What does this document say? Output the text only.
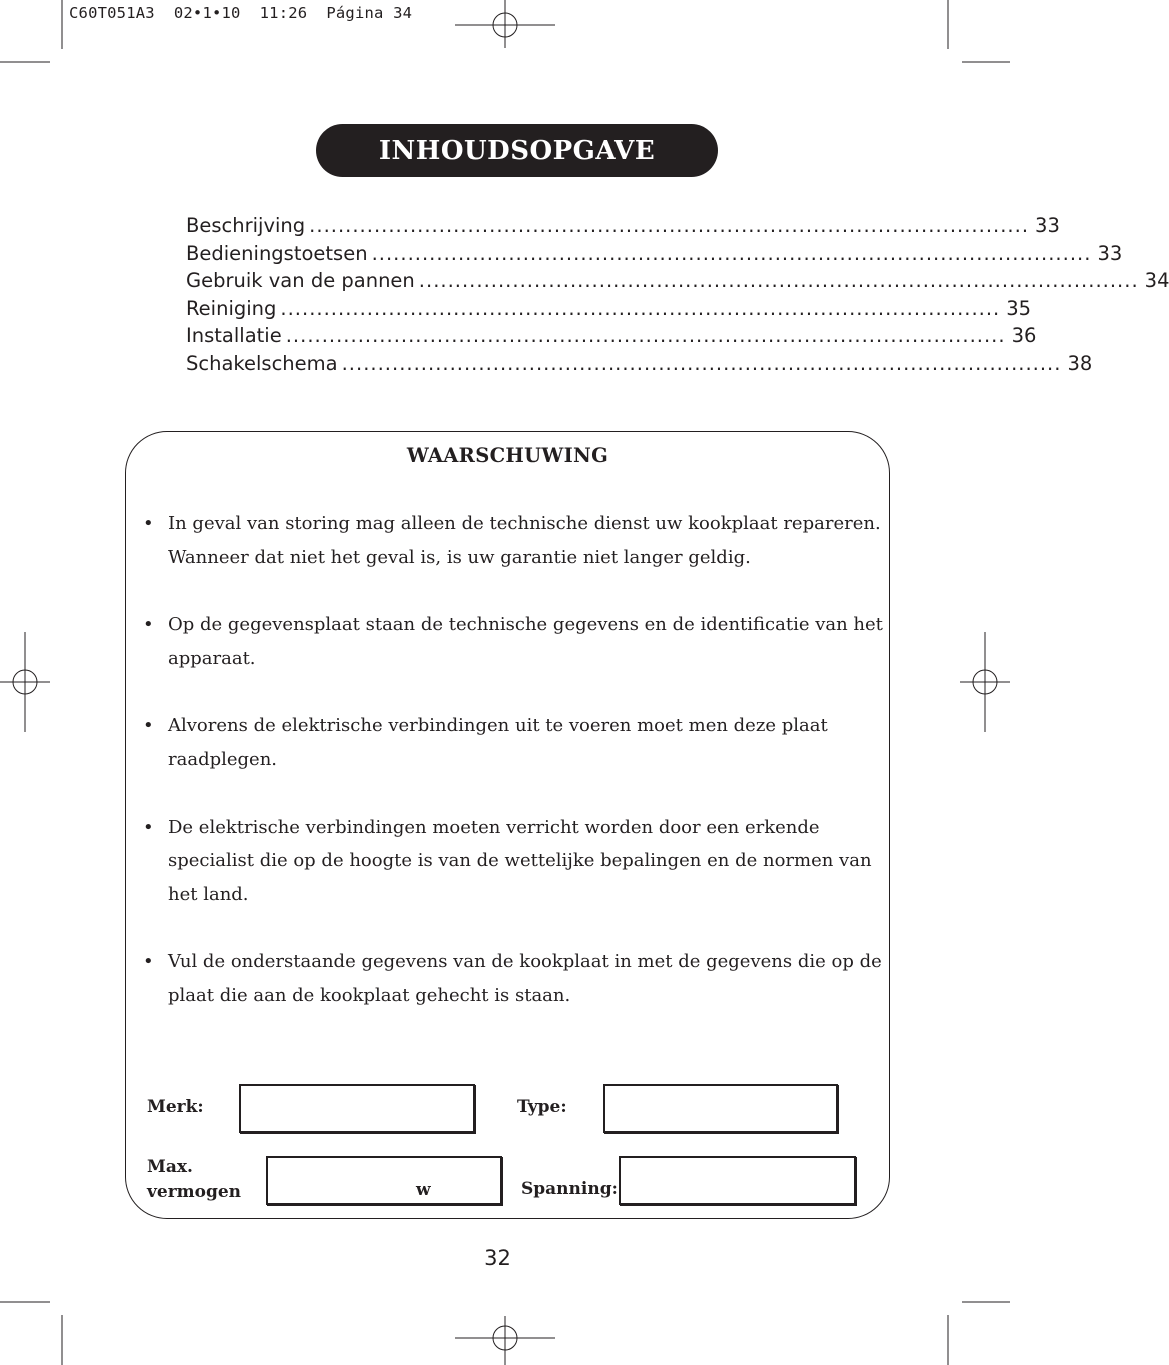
C60T051A3  02•1•10  11:26  Página 34
INHOUDSOPGAVE
Beschrijving .................................................................................................... 33
Bedieningstoetsen .................................................................................................... 33
Gebruik van de pannen .................................................................................................... 34
Reiniging .................................................................................................... 35
Installatie .................................................................................................... 36
Schakelschema .................................................................................................... 38
WAARSCHUWING
• In geval van storing mag alleen de technische dienst uw kookplaat repareren.

Wanneer dat niet het geval is, is uw garantie niet langer geldig.

• Op de gegevensplaat staan de technische gegevens en de identificatie van het apparaat.

• Alvorens de elektrische verbindingen uit te voeren moet men deze plaat raadplegen.

• De elektrische verbindingen moeten verricht worden door een erkende specialist die op de hoogte is van de wettelijke bepalingen en de normen van het land.

• Vul de onderstaande gegevens van de kookplaat in met de gegevens die op de plaat die aan de kookplaat gehecht is staan.

Merk:	Type:
Max.
vermogen	w	Spanning:
32
